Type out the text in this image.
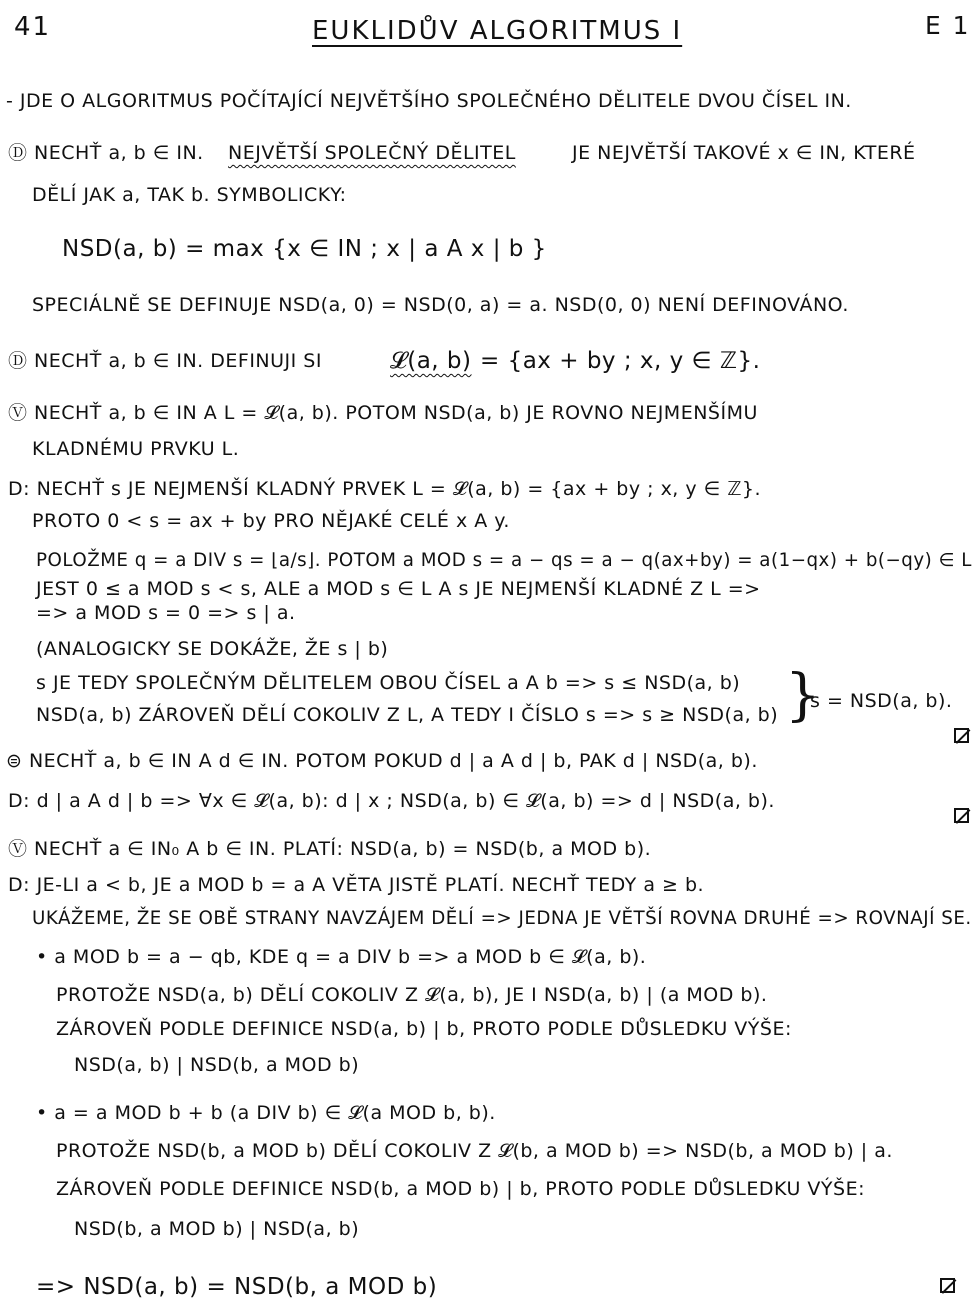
41	EUKLIDŮV ALGORITMUS I	E 1
- JDE O ALGORITMUS POČÍTAJÍCÍ NEJVĚTŠÍHO SPOLEČNÉHO DĚLITELE DVOU ČÍSEL IN.
Ⓓ NECHŤ a, b ∈ IN. NEJVĚTŠÍ SPOLEČNÝ DĚLITEL	JE NEJVĚTŠÍ TAKOVÉ x ∈ IN, KTERÉ
DĚLÍ JAK a, TAK b. SYMBOLICKY:
NSD(a, b) = max {x ∈ IN ; x | a A x | b }
SPECIÁLNĚ SE DEFINUJE NSD(a, 0) = NSD(0, a) = a. NSD(0, 0) NENÍ DEFINOVÁNO.
Ⓓ NECHŤ a, b ∈ IN. DEFINUJI SI	𝓛(a, b) = {ax + by ; x, y ∈ ℤ}.
Ⓥ NECHŤ a, b ∈ IN A L = 𝓛(a, b). POTOM NSD(a, b) JE ROVNO NEJMENŠÍMU
KLADNÉMU PRVKU L.
D: NECHŤ s JE NEJMENŠÍ KLADNÝ PRVEK L = 𝓛(a, b) = {ax + by ; x, y ∈ ℤ}.
PROTO 0 < s = ax + by PRO NĚJAKÉ CELÉ x A y.
POLOŽME q = a DIV s = ⌊a/s⌋. POTOM a MOD s = a − qs = a − q(ax+by) = a(1−qx) + b(−qy) ∈ L
JEST 0 ≤ a MOD s < s, ALE a MOD s ∈ L A s JE NEJMENŠÍ KLADNÉ Z L =>
=> a MOD s = 0 => s | a.
(ANALOGICKY SE DOKÁŽE, ŽE s | b)
s JE TEDY SPOLEČNÝM DĚLITELEM OBOU ČÍSEL a A b => s ≤ NSD(a, b)
NSD(a, b) ZÁROVEŇ DĚLÍ COKOLIV Z L, A TEDY I ČÍSLO s => s ≥ NSD(a, b) }
s = NSD(a, b).
⊜ NECHŤ a, b ∈ IN A d ∈ IN. POTOM POKUD d | a A d | b, PAK d | NSD(a, b).
D: d | a A d | b => ∀x ∈ 𝓛(a, b): d | x ; NSD(a, b) ∈ 𝓛(a, b) => d | NSD(a, b).
Ⓥ NECHŤ a ∈ IN₀ A b ∈ IN. PLATÍ: NSD(a, b) = NSD(b, a MOD b).
D: JE-LI a < b, JE a MOD b = a A VĚTA JISTĚ PLATÍ. NECHŤ TEDY a ≥ b.
UKÁŽEME, ŽE SE OBĚ STRANY NAVZÁJEM DĚLÍ => JEDNA JE VĚTŠÍ ROVNA DRUHÉ => ROVNAJÍ SE.
• a MOD b = a − qb, KDE q = a DIV b => a MOD b ∈ 𝓛(a, b).
PROTOŽE NSD(a, b) DĚLÍ COKOLIV Z 𝓛(a, b), JE I NSD(a, b) | (a MOD b).
ZÁROVEŇ PODLE DEFINICE NSD(a, b) | b, PROTO PODLE DŮSLEDKU VÝŠE:
NSD(a, b) | NSD(b, a MOD b)
• a = a MOD b + b (a DIV b) ∈ 𝓛(a MOD b, b).
PROTOŽE NSD(b, a MOD b) DĚLÍ COKOLIV Z 𝓛(b, a MOD b) => NSD(b, a MOD b) | a.
ZÁROVEŇ PODLE DEFINICE NSD(b, a MOD b) | b, PROTO PODLE DŮSLEDKU VÝŠE:
NSD(b, a MOD b) | NSD(a, b)
=> NSD(a, b) = NSD(b, a MOD b)
